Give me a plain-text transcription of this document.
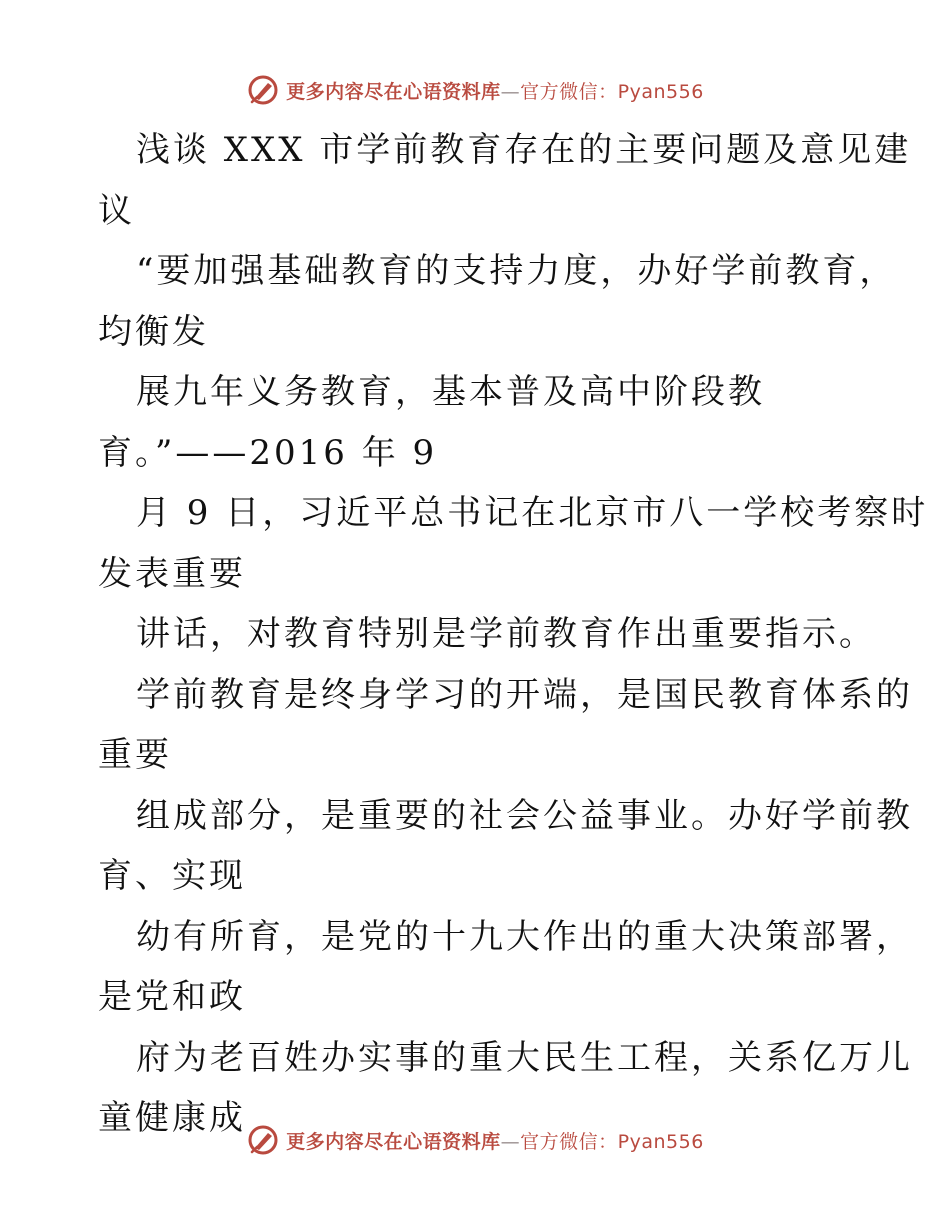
更多内容尽在心语资料库—官方微信：Pyan556
浅谈 XXX 市学前教育存在的主要问题及意见建
议
“要加强基础教育的支持力度，办好学前教育，
均衡发
展九年义务教育，基本普及高中阶段教
育。”——2016 年 9
月 9 日，习近平总书记在北京市八一学校考察时
发表重要
讲话，对教育特别是学前教育作出重要指示。
学前教育是终身学习的开端，是国民教育体系的
重要
组成部分，是重要的社会公益事业。办好学前教
育、实现
幼有所育，是党的十九大作出的重大决策部署，
是党和政
府为老百姓办实事的重大民生工程，关系亿万儿
童健康成
更多内容尽在心语资料库—官方微信：Pyan556
